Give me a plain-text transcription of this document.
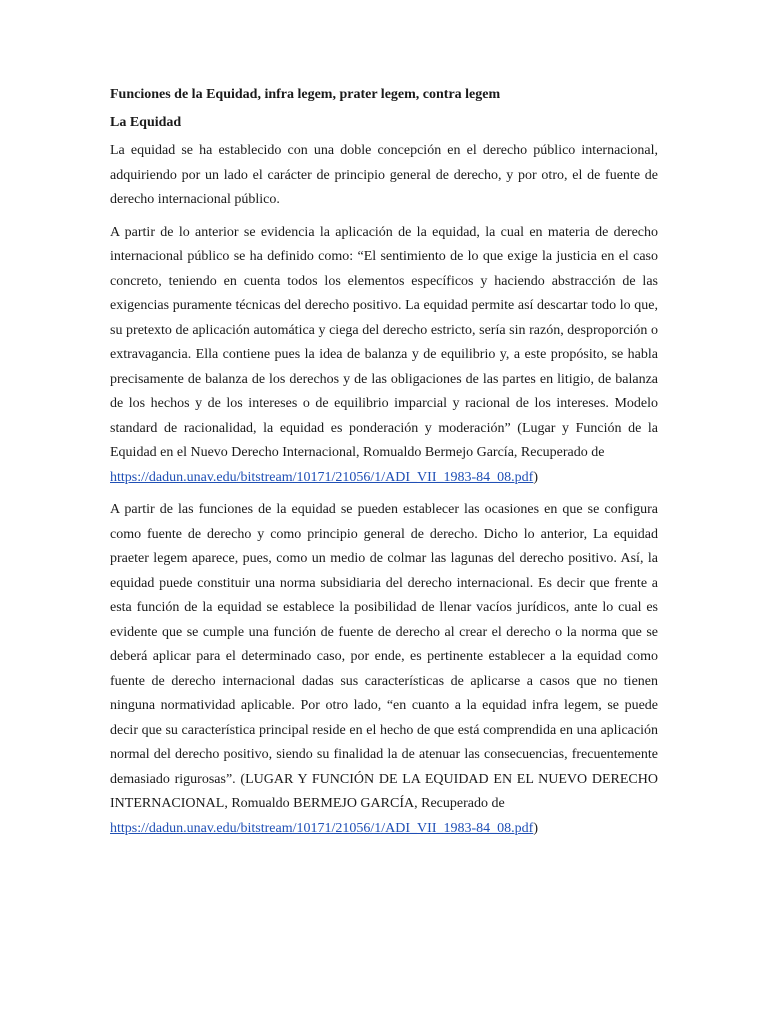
Funciones de la Equidad, infra legem, prater legem, contra legem
La Equidad

La equidad se ha establecido con una doble concepción en el derecho público internacional, adquiriendo por un lado el carácter de principio general de derecho, y por otro, el de fuente de derecho internacional público.

A partir de lo anterior se evidencia la aplicación de la equidad, la cual en materia de derecho internacional público se ha definido como: “El sentimiento de lo que exige la justicia en el caso concreto, teniendo en cuenta todos los elementos específicos y haciendo abstracción de las exigencias puramente técnicas del derecho positivo. La equidad permite así descartar todo lo que, su pretexto de aplicación automática y ciega del derecho estricto, sería sin razón, desproporción o extravagancia. Ella contiene pues la idea de balanza y de equilibrio y, a este propósito, se habla precisamente de balanza de los derechos y de las obligaciones de las partes en litigio, de balanza de los hechos y de los intereses o de equilibrio imparcial y racional de los intereses. Modelo standard de racionalidad, la equidad es ponderación y moderación” (Lugar y Función de la Equidad en el Nuevo Derecho Internacional, Romualdo Bermejo García, Recuperado de
https://dadun.unav.edu/bitstream/10171/21056/1/ADI_VII_1983-84_08.pdf)

A partir de las funciones de la equidad se pueden establecer las ocasiones en que se configura como fuente de derecho y como principio general de derecho. Dicho lo anterior, La equidad praeter legem aparece, pues, como un medio de colmar las lagunas del derecho positivo. Así, la equidad puede constituir una norma subsidiaria del derecho internacional. Es decir que frente a esta función de la equidad se establece la posibilidad de llenar vacíos jurídicos, ante lo cual es evidente que se cumple una función de fuente de derecho al crear el derecho o la norma que se deberá aplicar para el determinado caso, por ende, es pertinente establecer a la equidad como fuente de derecho internacional dadas sus características de aplicarse a casos que no tienen ninguna normatividad aplicable. Por otro lado, “en cuanto a la equidad infra legem, se puede decir que su característica principal reside en el hecho de que está comprendida en una aplicación normal del derecho positivo, siendo su finalidad la de atenuar las consecuencias, frecuentemente demasiado rigurosas”. (LUGAR Y FUNCIÓN DE LA EQUIDAD EN EL NUEVO DERECHO INTERNACIONAL, Romualdo BERMEJO GARCÍA, Recuperado de
https://dadun.unav.edu/bitstream/10171/21056/1/ADI_VII_1983-84_08.pdf)
